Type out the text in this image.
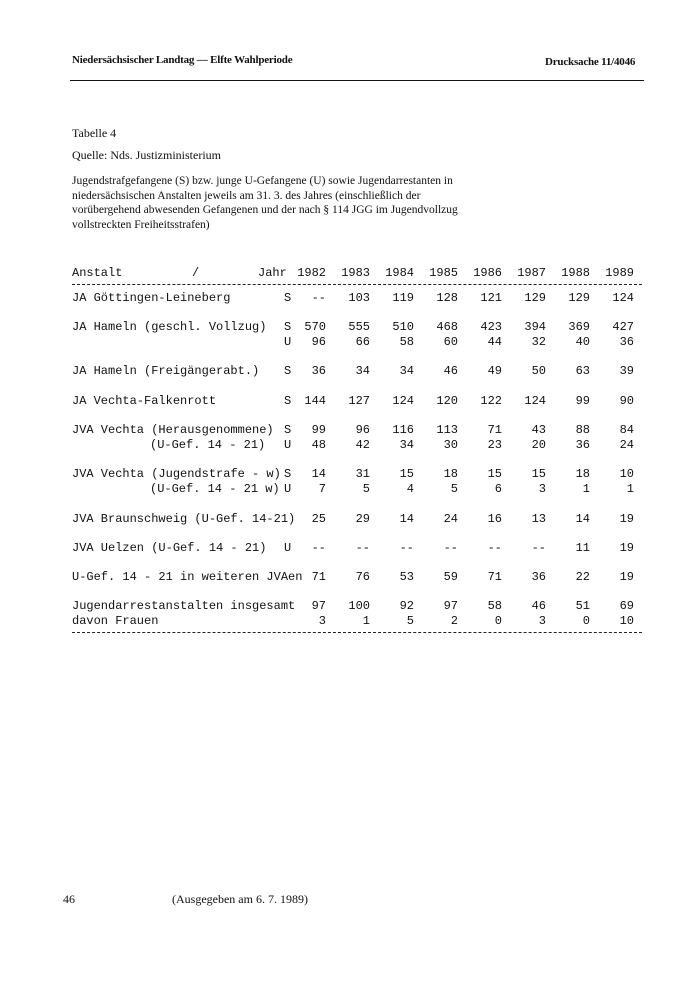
Niedersächsischer Landtag — Elfte Wahlperiode	Drucksache 11/4046
Tabelle 4
Quelle: Nds. Justizministerium
Jugendstrafgefangene (S) bzw. junge U-Gefangene (U) sowie Jugendarrestanten in niedersächsischen Anstalten jeweils am 31. 3. des Jahres (einschließlich der vorübergehend abwesenden Gefangenen und der nach § 114 JGG im Jugendvollzug vollstreckten Freiheitsstrafen)
Anstalt	/	Jahr 1982	1983	1984	1985	1986	1987	1988	1989
JA Göttingen-Leineberg	S	--	103	119	128	121	129	129	124
JA Hameln (geschl. Vollzug) S	570	555	510	468	423	394	369	427
U	96	66	58	60	44	32	40	36
JA Hameln (Freigängerabt.) S	36	34	34	46	49	50	63	39
JA Vechta-Falkenrott	S	144	127	124	120	122	124	99	90
JVA Vechta (Herausgenommene) S	99	96	116	113	71	43	88	84
(U-Gef. 14 - 21) U	48	42	34	30	23	20	36	24
JVA Vechta (Jugendstrafe - w) S	14	31	15	18	15	15	18	10
(U-Gef. 14 - 21 w) U	7	5	4	5	6	3	1	1
JVA Braunschweig (U-Gef. 14-21)	25	29	14	24	16	13	14	19
JVA Uelzen (U-Gef. 14 - 21) U	--	--	--	--	--	--	11	19
U-Gef. 14 - 21 in weiteren JVAen 71	76	53	59	71	36	22	19
Jugendarrestanstalten insgesamt	97	100	92	97	58	46	51	69
davon Frauen	3	1	5	2	0	3	0	10
46	(Ausgegeben am 6. 7. 1989)
